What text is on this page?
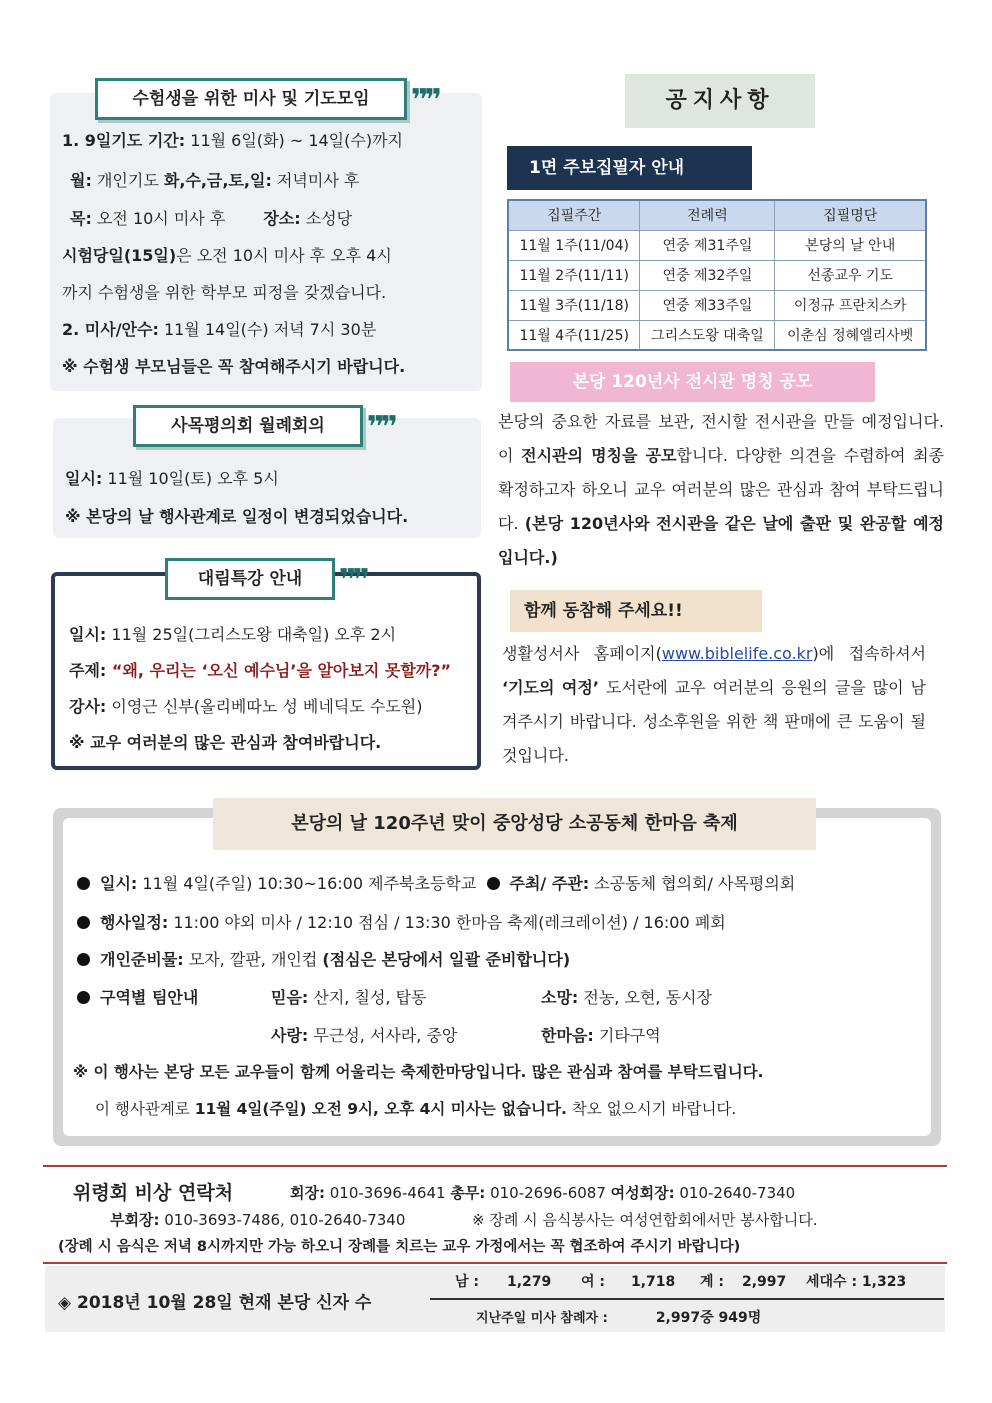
수험생을 위한 미사 및 기도모임 ❞❞
1. 9일기도 기간: 11월 6일(화) ~ 14일(수)까지
월: 개인기도 화,수,금,토,일: 저녁미사 후
목: 오전 10시 미사 후 장소: 소성당
시험당일(15일)은 오전 10시 미사 후 오후 4시
까지 수험생을 위한 학부모 피정을 갖겠습니다.
2. 미사/안수: 11월 14일(수) 저녁 7시 30분
※ 수험생 부모님들은 꼭 참여해주시기 바랍니다.
사목평의회 월례회의 ❞❞
일시: 11월 10일(토) 오후 5시
※ 본당의 날 행사관계로 일정이 변경되었습니다.
대림특강 안내 ❞❞
일시: 11월 25일(그리스도왕 대축일) 오후 2시
주제: “왜, 우리는 ‘오신 예수님’을 알아보지 못할까?”
강사: 이영근 신부(올리베따노 성 베네딕도 수도원)
※ 교우 여러분의 많은 관심과 참여바랍니다.
공지사항
1면 주보집필자 안내
집필주간	전례력	집필명단
11월 1주(11/04)	연중 제31주일	본당의 날 안내
11월 2주(11/11)	연중 제32주일	선종교우 기도
11월 3주(11/18)	연중 제33주일	이정규 프란치스카
11월 4주(11/25)	그리스도왕 대축일	이춘심 정혜엘리사벳
본당 120년사 전시관 명칭 공모
본당의 중요한 자료를 보관, 전시할 전시관을 만들 예정입니다. 이 전시관의 명칭을 공모합니다. 다양한 의견을 수렴하여 최종 확정하고자 하오니 교우 여러분의 많은 관심과 참여 부탁드립니다. (본당 120년사와 전시관을 같은 날에 출판 및 완공할 예정입니다.)
함께 동참해 주세요!!
생활성서사 홈페이지(www.biblelife.co.kr)에 접속하셔서 ‘기도의 여정’ 도서란에 교우 여러분의 응원의 글을 많이 남겨주시기 바랍니다. 성소후원을 위한 책 판매에 큰 도움이 될 것입니다.
본당의 날 120주년 맞이 중앙성당 소공동체 한마음 축제
일시: 11월 4일(주일) 10:30~16:00 제주북초등학교 주최/ 주관: 소공동체 협의회/ 사목평의회
행사일정: 11:00 야외 미사 / 12:10 점심 / 13:30 한마음 축제(레크레이션) / 16:00 폐회
개인준비물: 모자, 깔판, 개인컵 (점심은 본당에서 일괄 준비합니다)
구역별 팀안내	믿음: 산지, 칠성, 탑동	소망: 전농, 오현, 동시장
사랑: 무근성, 서사라, 중앙	한마음: 기타구역
※ 이 행사는 본당 모든 교우들이 함께 어울리는 축제한마당입니다. 많은 관심과 참여를 부탁드립니다.
이 행사관계로 11월 4일(주일) 오전 9시, 오후 4시 미사는 없습니다. 착오 없으시기 바랍니다.
위령회 비상 연락처	회장: 010-3696-4641 총무: 010-2696-6087 여성회장: 010-2640-7340
부회장: 010-3693-7486, 010-2640-7340	※ 장례 시 음식봉사는 여성연합회에서만 봉사합니다.
(장례 시 음식은 저녁 8시까지만 가능 하오니 장례를 치르는 교우 가정에서는 꼭 협조하여 주시기 바랍니다)
◈ 2018년 10월 28일 현재 본당 신자 수
남 : 1,279 여 : 1,718 계 : 2,997 세대수 : 1,323
지난주일 미사 참례자 :	2,997중 949명
